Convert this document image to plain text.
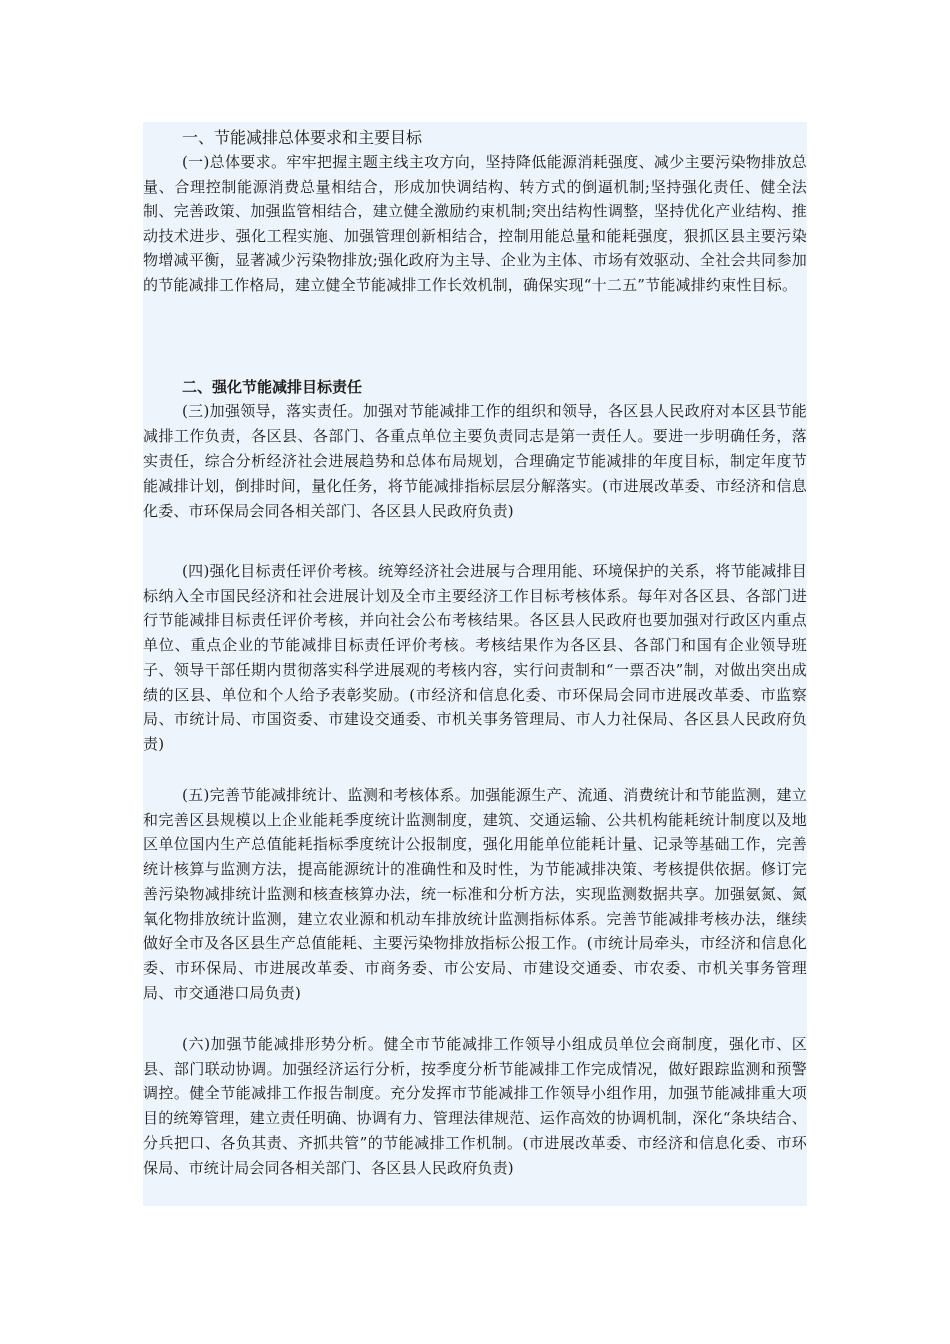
一、节能减排总体要求和主要目标
(一)总体要求。牢牢把握主题主线主攻方向，坚持降低能源消耗强度、减少主要污染物排放总量、合理控制能源消费总量相结合，形成加快调结构、转方式的倒逼机制;坚持强化责任、健全法制、完善政策、加强监管相结合，建立健全激励约束机制;突出结构性调整，坚持优化产业结构、推动技术进步、强化工程实施、加强管理创新相结合，控制用能总量和能耗强度，狠抓区县主要污染物增减平衡，显著减少污染物排放;强化政府为主导、企业为主体、市场有效驱动、全社会共同参加的节能减排工作格局，建立健全节能减排工作长效机制，确保实现“十二五”节能减排约束性目标。
二、强化节能减排目标责任
(三)加强领导，落实责任。加强对节能减排工作的组织和领导，各区县人民政府对本区县节能减排工作负责，各区县、各部门、各重点单位主要负责同志是第一责任人。要进一步明确任务，落实责任，综合分析经济社会进展趋势和总体布局规划，合理确定节能减排的年度目标，制定年度节能减排计划，倒排时间，量化任务，将节能减排指标层层分解落实。(市进展改革委、市经济和信息化委、市环保局会同各相关部门、各区县人民政府负责)
(四)强化目标责任评价考核。统筹经济社会进展与合理用能、环境保护的关系，将节能减排目标纳入全市国民经济和社会进展计划及全市主要经济工作目标考核体系。每年对各区县、各部门进行节能减排目标责任评价考核，并向社会公布考核结果。各区县人民政府也要加强对行政区内重点单位、重点企业的节能减排目标责任评价考核。考核结果作为各区县、各部门和国有企业领导班子、领导干部任期内贯彻落实科学进展观的考核内容，实行问责制和“一票否决”制，对做出突出成绩的区县、单位和个人给予表彰奖励。(市经济和信息化委、市环保局会同市进展改革委、市监察局、市统计局、市国资委、市建设交通委、市机关事务管理局、市人力社保局、各区县人民政府负责)
(五)完善节能减排统计、监测和考核体系。加强能源生产、流通、消费统计和节能监测，建立和完善区县规模以上企业能耗季度统计监测制度，建筑、交通运输、公共机构能耗统计制度以及地区单位国内生产总值能耗指标季度统计公报制度，强化用能单位能耗计量、记录等基础工作，完善统计核算与监测方法，提高能源统计的准确性和及时性，为节能减排决策、考核提供依据。修订完善污染物减排统计监测和核查核算办法，统一标准和分析方法，实现监测数据共享。加强氨氮、氮氧化物排放统计监测，建立农业源和机动车排放统计监测指标体系。完善节能减排考核办法，继续做好全市及各区县生产总值能耗、主要污染物排放指标公报工作。(市统计局牵头，市经济和信息化委、市环保局、市进展改革委、市商务委、市公安局、市建设交通委、市农委、市机关事务管理局、市交通港口局负责)
(六)加强节能减排形势分析。健全市节能减排工作领导小组成员单位会商制度，强化市、区县、部门联动协调。加强经济运行分析，按季度分析节能减排工作完成情况，做好跟踪监测和预警调控。健全节能减排工作报告制度。充分发挥市节能减排工作领导小组作用，加强节能减排重大项目的统筹管理，建立责任明确、协调有力、管理法律规范、运作高效的协调机制，深化“条块结合、分兵把口、各负其责、齐抓共管”的节能减排工作机制。(市进展改革委、市经济和信息化委、市环保局、市统计局会同各相关部门、各区县人民政府负责)
